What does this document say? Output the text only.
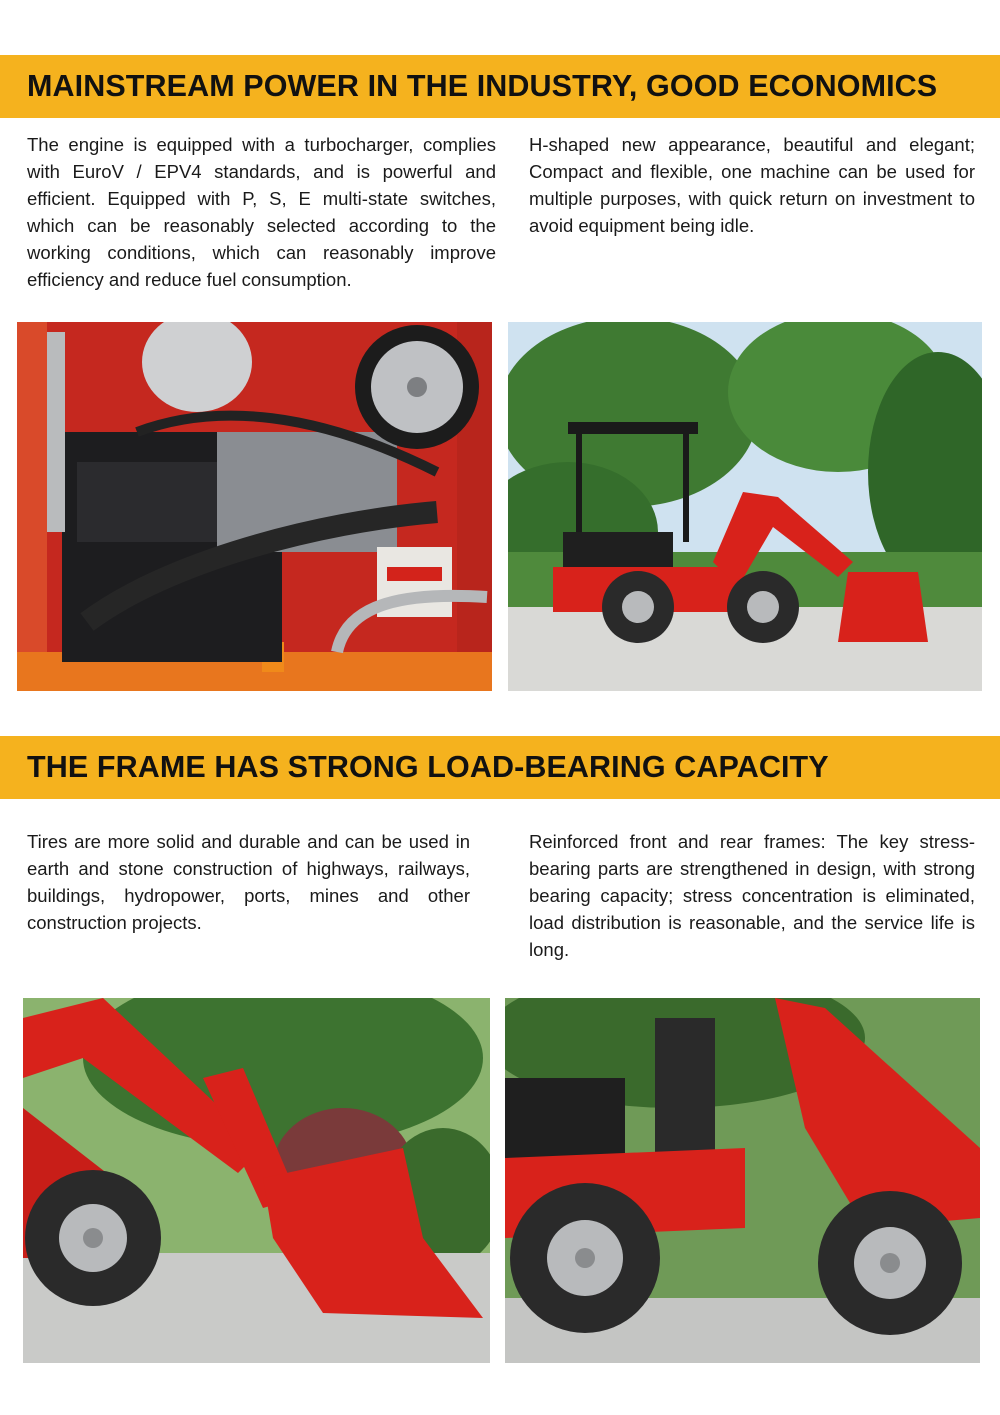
MAINSTREAM POWER IN THE INDUSTRY, GOOD ECONOMICS

The engine is equipped with a turbocharger, complies with EuroV / EPV4 standards, and is powerful and efficient. Equipped with P, S, E multi-state switches, which can be reasonably selected according to the working conditions, which can reasonably improve efficiency and reduce fuel consumption.

H-shaped new appearance, beautiful and elegant; Compact and flexible, one machine can be used for multiple purposes, with quick return on investment to avoid equipment being idle.

THE FRAME HAS STRONG LOAD-BEARING CAPACITY

Tires are more solid and durable and can be used in earth and stone construction of highways, railways, buildings, hydropower, ports, mines and other construction projects.

Reinforced front and rear frames: The key stress-bearing parts are strengthened in design, with strong bearing capacity; stress concentration is eliminated, load distribution is reasonable, and the service life is long.
